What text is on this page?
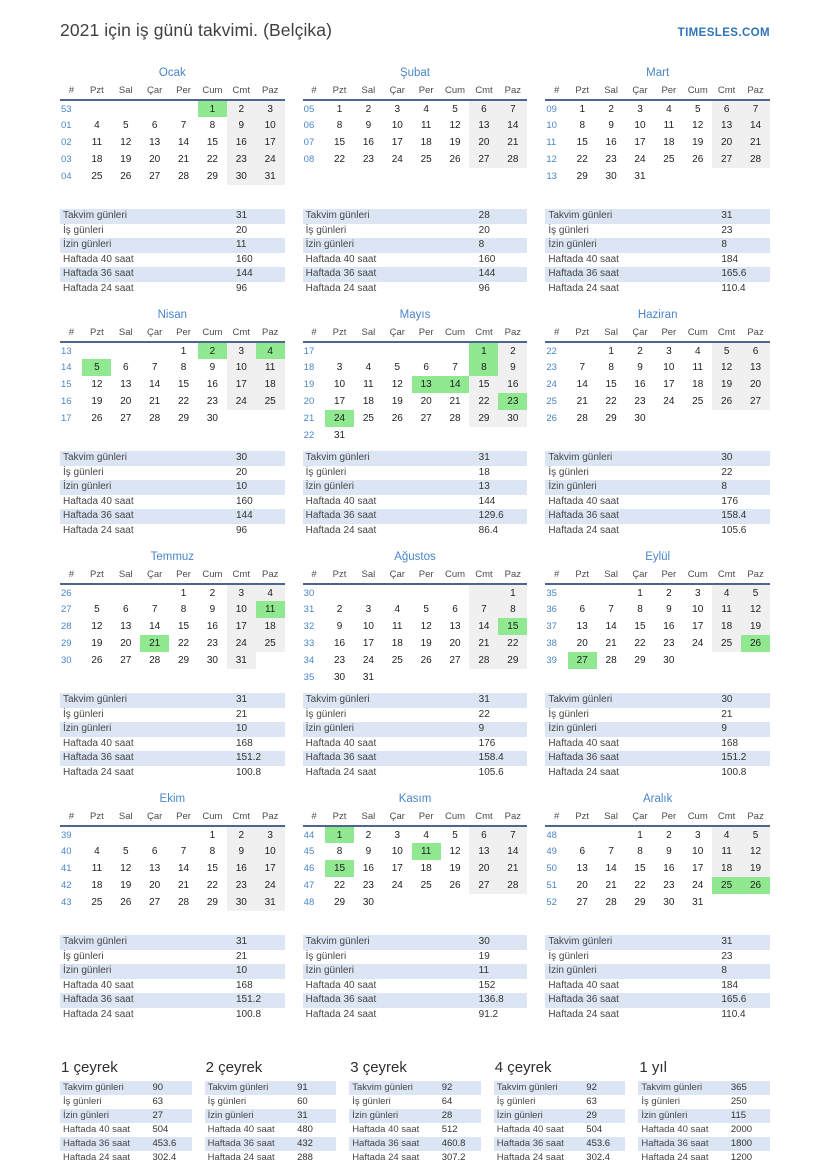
2021 için iş günü takvimi. (Belçika)	TIMESLES.COM
Ocak
#	Pzt	Sal	Çar	Per	Cum	Cmt	Paz
53					1	2	3
01	4	5	6	7	8	9	10
02	11	12	13	14	15	16	17
03	18	19	20	21	22	23	24
04	25	26	27	28	29	30	31
Takvim günleri	31
İş günleri	20
İzin günleri	11
Haftada 40 saat	160
Haftada 36 saat	144
Haftada 24 saat	96
Şubat
#	Pzt	Sal	Çar	Per	Cum	Cmt	Paz
05	1	2	3	4	5	6	7
06	8	9	10	11	12	13	14
07	15	16	17	18	19	20	21
08	22	23	24	25	26	27	28
Takvim günleri	28
İş günleri	20
İzin günleri	8
Haftada 40 saat	160
Haftada 36 saat	144
Haftada 24 saat	96
Mart
#	Pzt	Sal	Çar	Per	Cum	Cmt	Paz
09	1	2	3	4	5	6	7
10	8	9	10	11	12	13	14
11	15	16	17	18	19	20	21
12	22	23	24	25	26	27	28
13	29	30	31				
Takvim günleri	31
İş günleri	23
İzin günleri	8
Haftada 40 saat	184
Haftada 36 saat	165.6
Haftada 24 saat	110.4
Nisan
#	Pzt	Sal	Çar	Per	Cum	Cmt	Paz
13				1	2	3	4
14	5	6	7	8	9	10	11
15	12	13	14	15	16	17	18
16	19	20	21	22	23	24	25
17	26	27	28	29	30		
Takvim günleri	30
İş günleri	20
İzin günleri	10
Haftada 40 saat	160
Haftada 36 saat	144
Haftada 24 saat	96
Mayıs
#	Pzt	Sal	Çar	Per	Cum	Cmt	Paz
17						1	2
18	3	4	5	6	7	8	9
19	10	11	12	13	14	15	16
20	17	18	19	20	21	22	23
21	24	25	26	27	28	29	30
22	31						
Takvim günleri	31
İş günleri	18
İzin günleri	13
Haftada 40 saat	144
Haftada 36 saat	129.6
Haftada 24 saat	86.4
Haziran
#	Pzt	Sal	Çar	Per	Cum	Cmt	Paz
22		1	2	3	4	5	6
23	7	8	9	10	11	12	13
24	14	15	16	17	18	19	20
25	21	22	23	24	25	26	27
26	28	29	30				
Takvim günleri	30
İş günleri	22
İzin günleri	8
Haftada 40 saat	176
Haftada 36 saat	158.4
Haftada 24 saat	105.6
Temmuz
#	Pzt	Sal	Çar	Per	Cum	Cmt	Paz
26				1	2	3	4
27	5	6	7	8	9	10	11
28	12	13	14	15	16	17	18
29	19	20	21	22	23	24	25
30	26	27	28	29	30	31	
Takvim günleri	31
İş günleri	21
İzin günleri	10
Haftada 40 saat	168
Haftada 36 saat	151.2
Haftada 24 saat	100.8
Ağustos
#	Pzt	Sal	Çar	Per	Cum	Cmt	Paz
30							1
31	2	3	4	5	6	7	8
32	9	10	11	12	13	14	15
33	16	17	18	19	20	21	22
34	23	24	25	26	27	28	29
35	30	31					
Takvim günleri	31
İş günleri	22
İzin günleri	9
Haftada 40 saat	176
Haftada 36 saat	158.4
Haftada 24 saat	105.6
Eylül
#	Pzt	Sal	Çar	Per	Cum	Cmt	Paz
35			1	2	3	4	5
36	6	7	8	9	10	11	12
37	13	14	15	16	17	18	19
38	20	21	22	23	24	25	26
39	27	28	29	30			
Takvim günleri	30
İş günleri	21
İzin günleri	9
Haftada 40 saat	168
Haftada 36 saat	151.2
Haftada 24 saat	100.8
Ekim
#	Pzt	Sal	Çar	Per	Cum	Cmt	Paz
39					1	2	3
40	4	5	6	7	8	9	10
41	11	12	13	14	15	16	17
42	18	19	20	21	22	23	24
43	25	26	27	28	29	30	31
Takvim günleri	31
İş günleri	21
İzin günleri	10
Haftada 40 saat	168
Haftada 36 saat	151.2
Haftada 24 saat	100.8
Kasım
#	Pzt	Sal	Çar	Per	Cum	Cmt	Paz
44	1	2	3	4	5	6	7
45	8	9	10	11	12	13	14
46	15	16	17	18	19	20	21
47	22	23	24	25	26	27	28
48	29	30					
Takvim günleri	30
İş günleri	19
İzin günleri	11
Haftada 40 saat	152
Haftada 36 saat	136.8
Haftada 24 saat	91.2
Aralık
#	Pzt	Sal	Çar	Per	Cum	Cmt	Paz
48			1	2	3	4	5
49	6	7	8	9	10	11	12
50	13	14	15	16	17	18	19
51	20	21	22	23	24	25	26
52	27	28	29	30	31		
Takvim günleri	31
İş günleri	23
İzin günleri	8
Haftada 40 saat	184
Haftada 36 saat	165.6
Haftada 24 saat	110.4
1 çeyrek
Takvim günleri	90
İş günleri	63
İzin günleri	27
Haftada 40 saat	504
Haftada 36 saat	453.6
Haftada 24 saat	302.4
2 çeyrek
Takvim günleri	91
İş günleri	60
İzin günleri	31
Haftada 40 saat	480
Haftada 36 saat	432
Haftada 24 saat	288
3 çeyrek
Takvim günleri	92
İş günleri	64
İzin günleri	28
Haftada 40 saat	512
Haftada 36 saat	460.8
Haftada 24 saat	307.2
4 çeyrek
Takvim günleri	92
İş günleri	63
İzin günleri	29
Haftada 40 saat	504
Haftada 36 saat	453.6
Haftada 24 saat	302.4
1 yıl
Takvim günleri	365
İş günleri	250
İzin günleri	115
Haftada 40 saat	2000
Haftada 36 saat	1800
Haftada 24 saat	1200
